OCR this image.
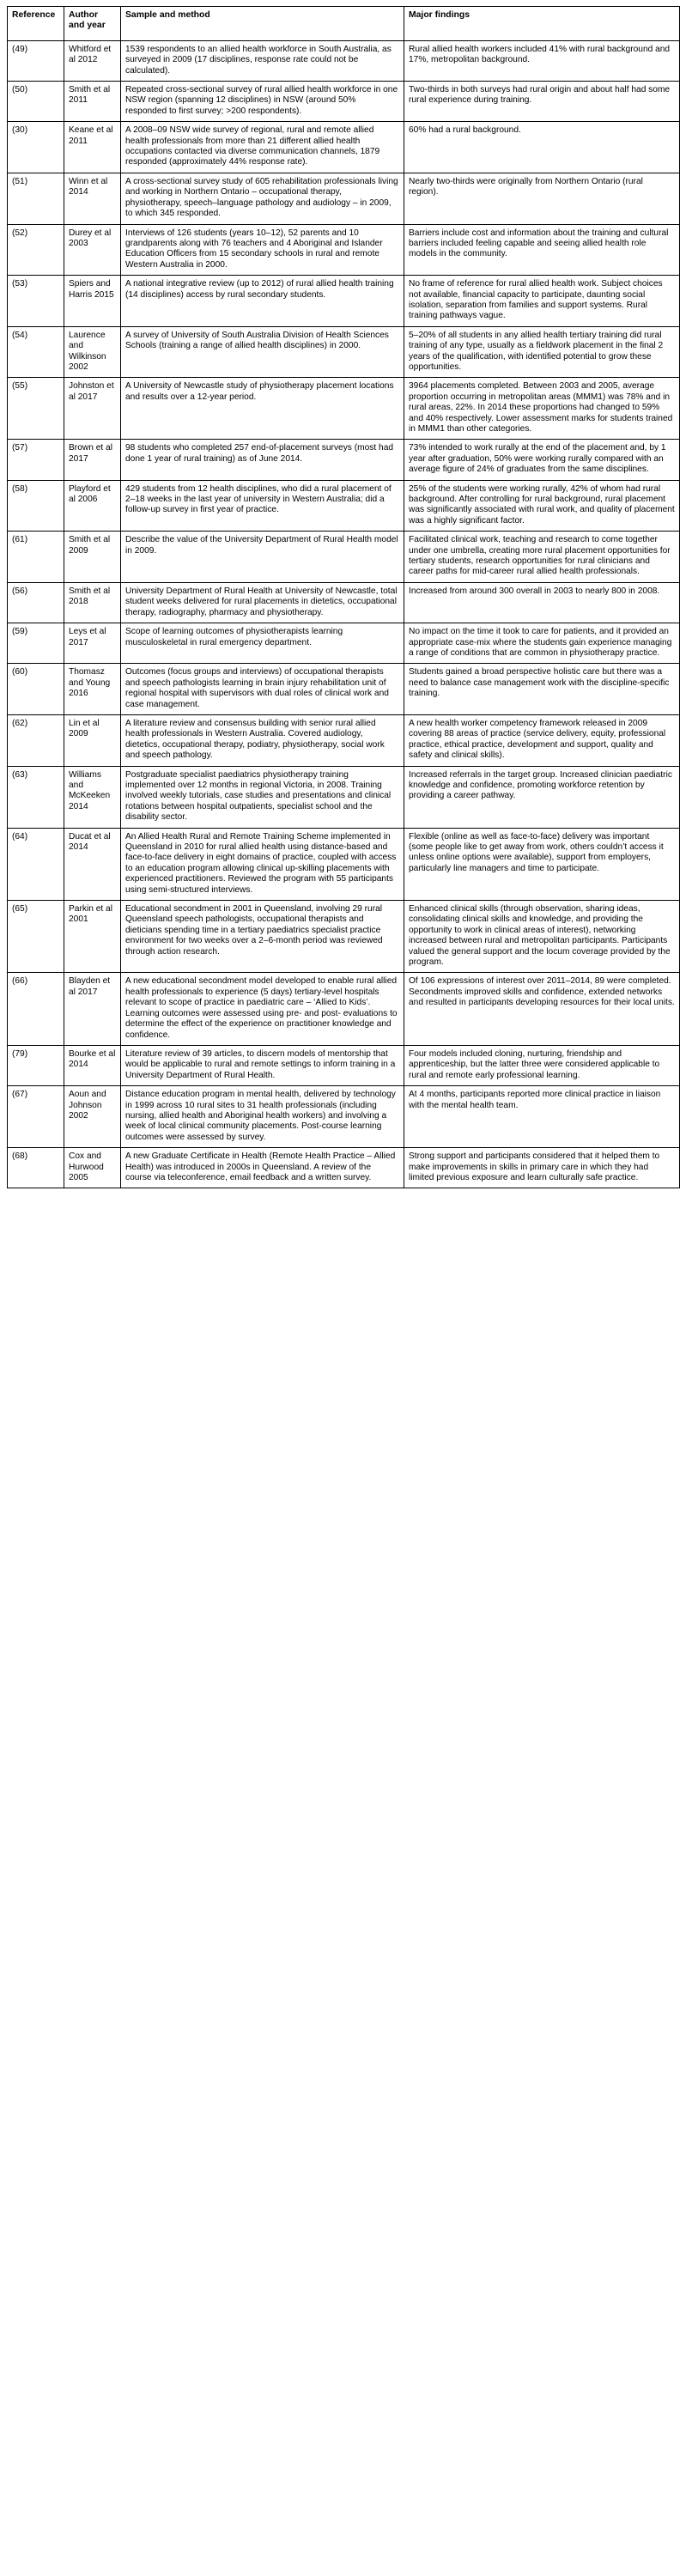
Reference	Author and year	Sample and method	Major findings
(49)	Whitford et al 2012	1539 respondents to an allied health workforce in South Australia, as surveyed in 2009 (17 disciplines, response rate could not be calculated).	Rural allied health workers included 41% with rural background and 17%, metropolitan background.
(50)	Smith et al 2011	Repeated cross-sectional survey of rural allied health workforce in one NSW region (spanning 12 disciplines) in NSW (around 50% responded to first survey; >200 respondents).	Two-thirds in both surveys had rural origin and about half had some rural experience during training.
(30)	Keane et al 2011	A 2008–09 NSW wide survey of regional, rural and remote allied health professionals from more than 21 different allied health occupations contacted via diverse communication channels, 1879 responded (approximately 44% response rate).	60% had a rural background.
(51)	Winn et al 2014	A cross-sectional survey study of 605 rehabilitation professionals living and working in Northern Ontario – occupational therapy, physiotherapy, speech–language pathology and audiology – in 2009, to which 345 responded.	Nearly two-thirds were originally from Northern Ontario (rural region).
(52)	Durey et al 2003	Interviews of 126 students (years 10–12), 52 parents and 10 grandparents along with 76 teachers and 4 Aboriginal and Islander Education Officers from 15 secondary schools in rural and remote Western Australia in 2000.	Barriers include cost and information about the training and cultural barriers included feeling capable and seeing allied health role models in the community.
(53)	Spiers and Harris 2015	A national integrative review (up to 2012) of rural allied health training (14 disciplines) access by rural secondary students.	No frame of reference for rural allied health work. Subject choices not available, financial capacity to participate, daunting social isolation, separation from families and support systems. Rural training pathways vague.
(54)	Laurence and Wilkinson 2002	A survey of University of South Australia Division of Health Sciences Schools (training a range of allied health disciplines) in 2000.	5–20% of all students in any allied health tertiary training did rural training of any type, usually as a fieldwork placement in the final 2 years of the qualification, with identified potential to grow these opportunities.
(55)	Johnston et al 2017	A University of Newcastle study of physiotherapy placement locations and results over a 12-year period.	3964 placements completed. Between 2003 and 2005, average proportion occurring in metropolitan areas (MMM1) was 78% and in rural areas, 22%. In 2014 these proportions had changed to 59% and 40% respectively. Lower assessment marks for students trained in MMM1 than other categories.
(57)	Brown et al 2017	98 students who completed 257 end-of-placement surveys (most had done 1 year of rural training) as of June 2014.	73% intended to work rurally at the end of the placement and, by 1 year after graduation, 50% were working rurally compared with an average figure of 24% of graduates from the same disciplines.
(58)	Playford et al 2006	429 students from 12 health disciplines, who did a rural placement of 2–18 weeks in the last year of university in Western Australia; did a follow-up survey in first year of practice.	25% of the students were working rurally, 42% of whom had rural background. After controlling for rural background, rural placement was significantly associated with rural work, and quality of placement was a highly significant factor.
(61)	Smith et al 2009	Describe the value of the University Department of Rural Health model in 2009.	Facilitated clinical work, teaching and research to come together under one umbrella, creating more rural placement opportunities for tertiary students, research opportunities for rural clinicians and career paths for mid-career rural allied health professionals.
(56)	Smith et al 2018	University Department of Rural Health at University of Newcastle, total student weeks delivered for rural placements in dietetics, occupational therapy, radiography, pharmacy and physiotherapy.	Increased from around 300 overall in 2003 to nearly 800 in 2008.
(59)	Leys et al 2017	Scope of learning outcomes of physiotherapists learning musculoskeletal in rural emergency department.	No impact on the time it took to care for patients, and it provided an appropriate case-mix where the students gain experience managing a range of conditions that are common in physiotherapy practice.
(60)	Thomasz and Young 2016	Outcomes (focus groups and interviews) of occupational therapists and speech pathologists learning in brain injury rehabilitation unit of regional hospital with supervisors with dual roles of clinical work and case management.	Students gained a broad perspective holistic care but there was a need to balance case management work with the discipline-specific training.
(62)	Lin et al 2009	A literature review and consensus building with senior rural allied health professionals in Western Australia. Covered audiology, dietetics, occupational therapy, podiatry, physiotherapy, social work and speech pathology.	A new health worker competency framework released in 2009 covering 88 areas of practice (service delivery, equity, professional practice, ethical practice, development and support, quality and safety and clinical skills).
(63)	Williams and McKeeken 2014	Postgraduate specialist paediatrics physiotherapy training implemented over 12 months in regional Victoria, in 2008. Training involved weekly tutorials, case studies and presentations and clinical rotations between hospital outpatients, specialist school and the disability sector.	Increased referrals in the target group. Increased clinician paediatric knowledge and confidence, promoting workforce retention by providing a career pathway.
(64)	Ducat et al 2014	An Allied Health Rural and Remote Training Scheme implemented in Queensland in 2010 for rural allied health using distance-based and face-to-face delivery in eight domains of practice, coupled with access to an education program allowing clinical up-skilling placements with experienced practitioners. Reviewed the program with 55 participants using semi-structured interviews.	Flexible (online as well as face-to-face) delivery was important (some people like to get away from work, others couldn’t access it unless online options were available), support from employers, particularly line managers and time to participate.
(65)	Parkin et al 2001	Educational secondment in 2001 in Queensland, involving 29 rural Queensland speech pathologists, occupational therapists and dieticians spending time in a tertiary paediatrics specialist practice environment for two weeks over a 2–6-month period was reviewed through action research.	Enhanced clinical skills (through observation, sharing ideas, consolidating clinical skills and knowledge, and providing the opportunity to work in clinical areas of interest), networking increased between rural and metropolitan participants. Participants valued the general support and the locum coverage provided by the program.
(66)	Blayden et al 2017	A new educational secondment model developed to enable rural allied health professionals to experience (5 days) tertiary-level hospitals relevant to scope of practice in paediatric care – ‘Allied to Kids’. Learning outcomes were assessed using pre- and post- evaluations to determine the effect of the experience on practitioner knowledge and confidence.	Of 106 expressions of interest over 2011–2014, 89 were completed. Secondments improved skills and confidence, extended networks and resulted in participants developing resources for their local units.
(79)	Bourke et al 2014	Literature review of 39 articles, to discern models of mentorship that would be applicable to rural and remote settings to inform training in a University Department of Rural Health.	Four models included cloning, nurturing, friendship and apprenticeship, but the latter three were considered applicable to rural and remote early professional learning.
(67)	Aoun and Johnson 2002	Distance education program in mental health, delivered by technology in 1999 across 10 rural sites to 31 health professionals (including nursing, allied health and Aboriginal health workers) and involving a week of local clinical community placements. Post-course learning outcomes were assessed by survey.	At 4 months, participants reported more clinical practice in liaison with the mental health team.
(68)	Cox and Hurwood 2005	A new Graduate Certificate in Health (Remote Health Practice – Allied Health) was introduced in 2000s in Queensland. A review of the course via teleconference, email feedback and a written survey.	Strong support and participants considered that it helped them to make improvements in skills in primary care in which they had limited previous exposure and learn culturally safe practice.
